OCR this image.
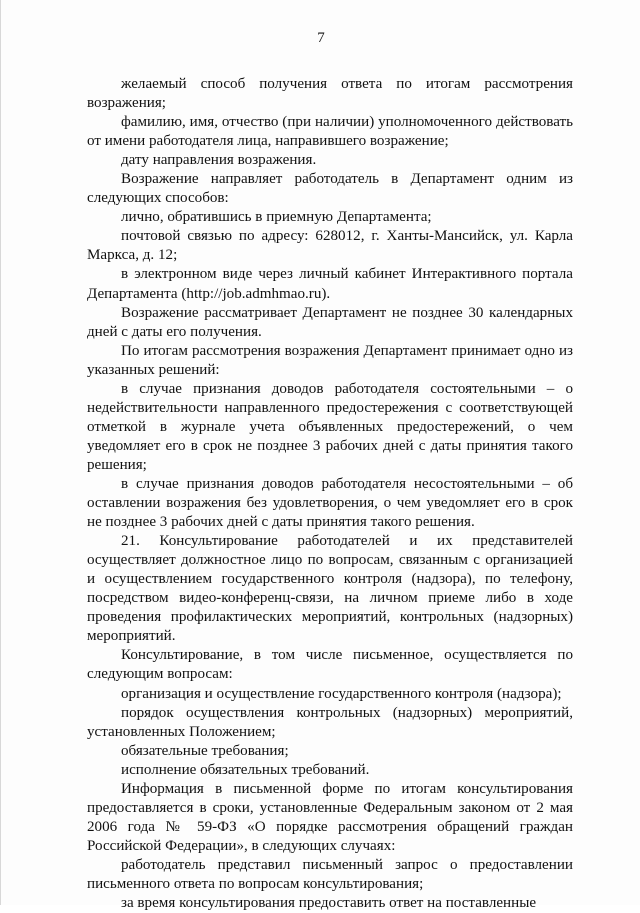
7

желаемый способ получения ответа по итогам рассмотрения возражения;

фамилию, имя, отчество (при наличии) уполномоченного действовать от имени работодателя лица, направившего возражение;

дату направления возражения.

Возражение направляет работодатель в Департамент одним из следующих способов:

лично, обратившись в приемную Департамента;

почтовой связью по адресу: 628012, г. Ханты-Мансийск, ул. Карла Маркса, д. 12;

в электронном виде через личный кабинет Интерактивного портала Департамента (http://job.admhmao.ru).

Возражение рассматривает Департамент не позднее 30 календарных дней с даты его получения.

По итогам рассмотрения возражения Департамент принимает одно из указанных решений:

в случае признания доводов работодателя состоятельными – о недействительности направленного предостережения с соответствующей отметкой в журнале учета объявленных предостережений, о чем уведомляет его в срок не позднее 3 рабочих дней с даты принятия такого решения;

в случае признания доводов работодателя несостоятельными – об оставлении возражения без удовлетворения, о чем уведомляет его в срок не позднее 3 рабочих дней с даты принятия такого решения.

21. Консультирование работодателей и их представителей осуществляет должностное лицо по вопросам, связанным с организацией и осуществлением государственного контроля (надзора), по телефону, посредством видео-конференц-связи, на личном приеме либо в ходе проведения профилактических мероприятий, контрольных (надзорных) мероприятий.

Консультирование, в том числе письменное, осуществляется по следующим вопросам:

организация и осуществление государственного контроля (надзора);

порядок осуществления контрольных (надзорных) мероприятий, установленных Положением;

обязательные требования;

исполнение обязательных требований.

Информация в письменной форме по итогам консультирования предоставляется в сроки, установленные Федеральным законом от 2 мая 2006 года № 59-ФЗ «О порядке рассмотрения обращений граждан Российской Федерации», в следующих случаях:

работодатель представил письменный запрос о предоставлении письменного ответа по вопросам консультирования;

за время консультирования предоставить ответ на поставленные
